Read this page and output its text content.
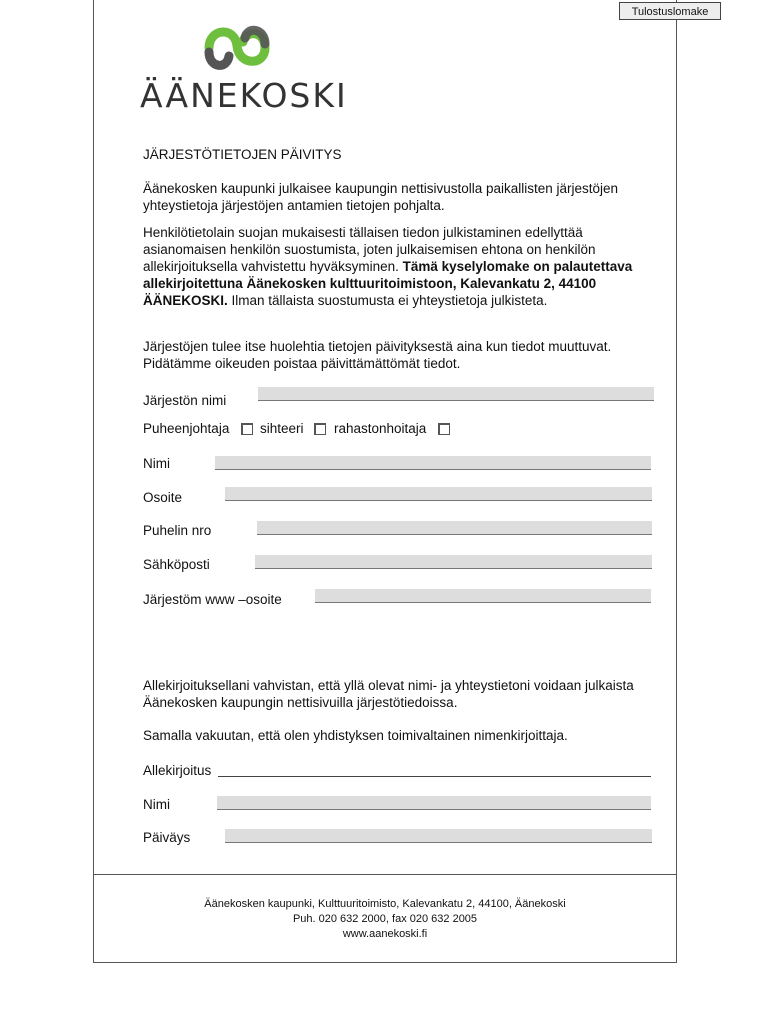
Tulostuslomake
ÄÄNEKOSKI
JÄRJESTÖTIETOJEN PÄIVITYS
Äänekosken kaupunki julkaisee kaupungin nettisivustolla paikallisten järjestöjen yhteystietoja järjestöjen antamien tietojen pohjalta.
Henkilötietolain suojan mukaisesti tällaisen tiedon julkistaminen edellyttää asianomaisen henkilön suostumista, joten julkaisemisen ehtona on henkilön allekirjoituksella vahvistettu hyväksyminen. Tämä kyselylomake on palautettava allekirjoitettuna Äänekosken kulttuuritoimistoon, Kalevankatu 2, 44100 ÄÄNEKOSKI. Ilman tällaista suostumusta ei yhteystietoja julkisteta.
Järjestöjen tulee itse huolehtia tietojen päivityksestä aina kun tiedot muuttuvat. Pidätämme oikeuden poistaa päivittämättömät tiedot.
Järjestön nimi
Puheenjohtaja sihteeri rahastonhoitaja
Nimi
Osoite
Puhelin nro
Sähköposti
Järjestöm www –osoite
Allekirjoituksellani vahvistan, että yllä olevat nimi- ja yhteystietoni voidaan julkaista Äänekosken kaupungin nettisivuilla järjestötiedoissa.
Samalla vakuutan, että olen yhdistyksen toimivaltainen nimenkirjoittaja.
Allekirjoitus
Nimi
Päiväys
Äänekosken kaupunki, Kulttuuritoimisto, Kalevankatu 2, 44100, Äänekoski
Puh. 020 632 2000, fax 020 632 2005
www.aanekoski.fi
